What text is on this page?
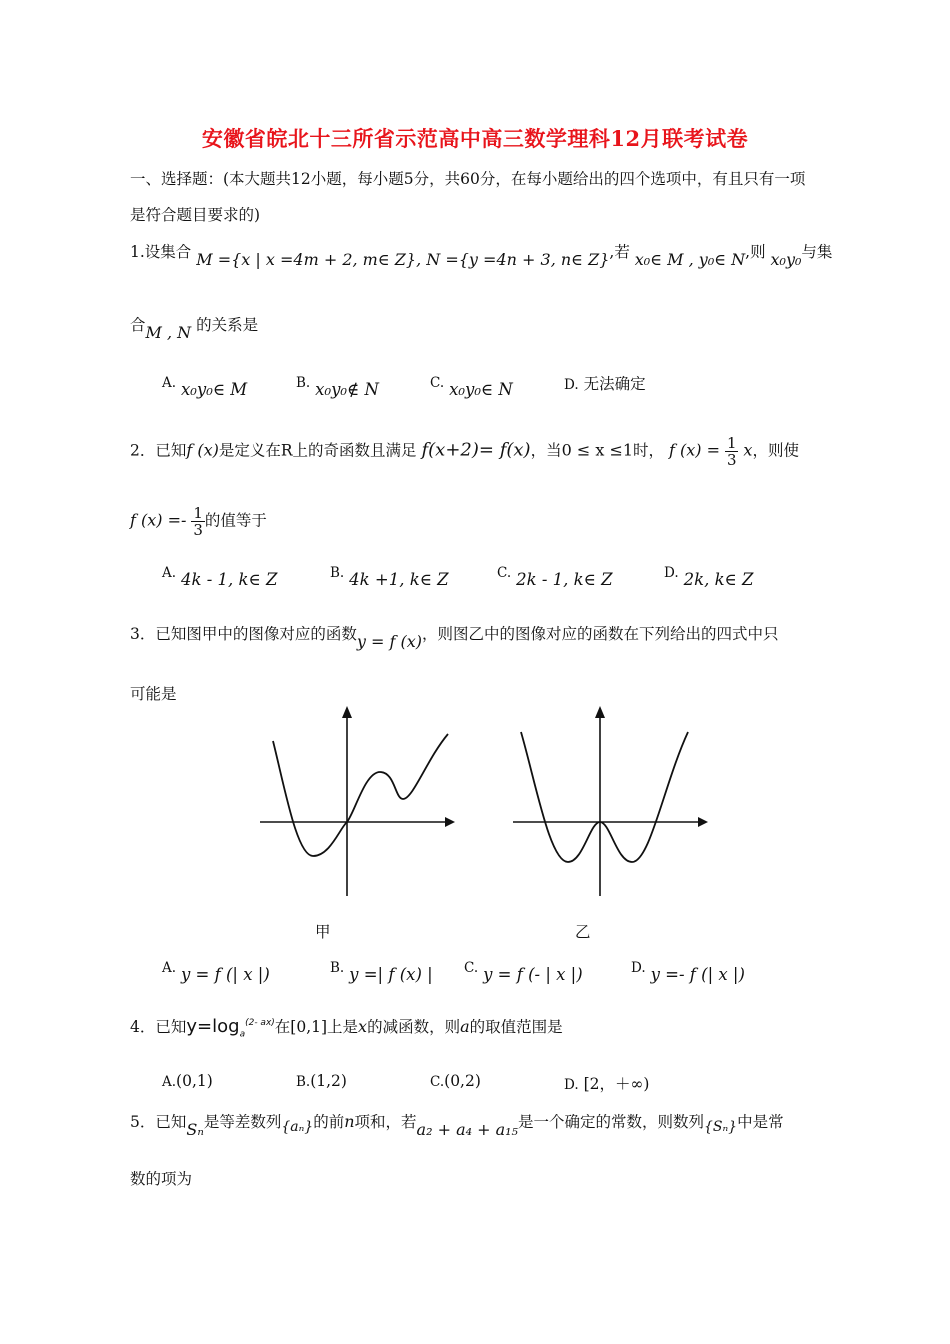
安徽省皖北十三所省示范高中高三数学理科12月联考试卷
一、选择题：(本大题共12小题，每小题5分，共60分，在每小题给出的四个选项中，有且只有一项
是符合题目要求的)
1.设集合 M ={x | x =4m + 2, m∈ Z}, N ={y =4n + 3, n∈ Z},若 x₀∈ M , y₀∈ N,则 x₀y₀与集
合M , N 的关系是
A. x₀y₀∈ M	B. x₀y₀∉ N	C. x₀y₀∈ N	D. 无法确定
2．已知f (x)是定义在R上的奇函数且满足 f(x+2)= f(x)，当0 ≤ x ≤1时， f $(x) = \frac{1}{3}$ x，则使
f $(x) =- \frac{1}{3}$ 的值等于
A. 4k - 1, k∈ Z	B. 4k +1, k∈ Z	C. 2k - 1, k∈ Z	D. 2k, k∈ Z
3．已知图甲中的图像对应的函数y = f (x)，则图乙中的图像对应的函数在下列给出的四式中只
可能是
甲	乙
A. y = f (| x |)	B. y =| f (x) | C. y = f (- | x |)	D. y =- f (| x |)
4．已知$y=\log_a^{(2- ax)}$在[0,1]上是x的减函数，则a的取值范围是
A.(0,1)	B.(1,2)	C.(0,2)	D. [2，＋∞)
5．已知Sₙ是等差数列{aₙ}的前n项和，若a₂ + a₄ + a₁₅是一个确定的常数，则数列{Sₙ}中是常
数的项为
